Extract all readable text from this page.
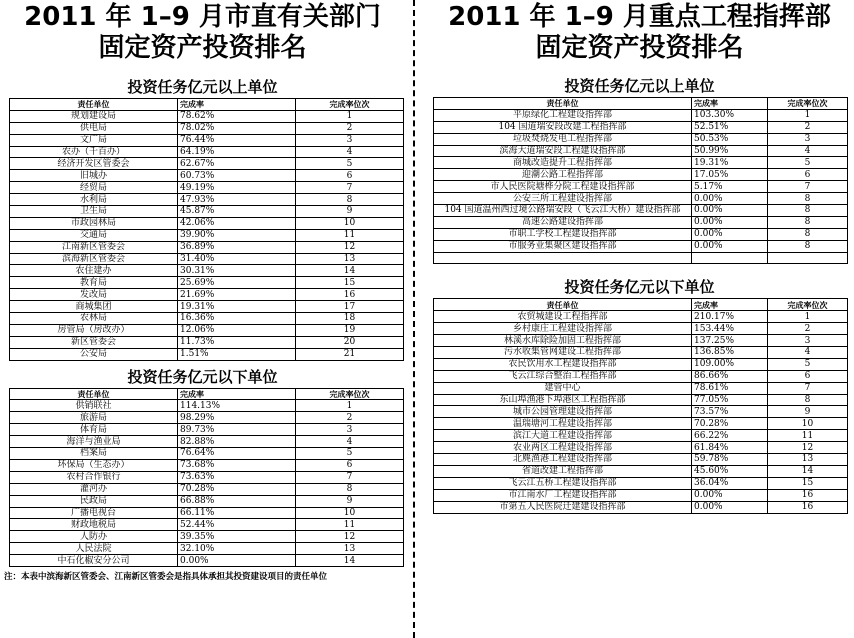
2011 年 1–9 月市直有关部门
固定资产投资排名
投资任务亿元以上单位
责任单位	完成率	完成率位次
规划建设局	78.62%	1
供电局	78.02%	2
文广局	76.44%	3
农办（千百办）	64.19%	4
经济开发区管委会	62.67%	5
旧城办	60.73%	6
经贸局	49.19%	7
水利局	47.93%	8
卫生局	45.87%	9
市政园林局	42.06%	10
交通局	39.90%	11
江南新区管委会	36.89%	12
滨海新区管委会	31.40%	13
农住建办	30.31%	14
教育局	25.69%	15
发改局	21.69%	16
商城集团	19.31%	17
农林局	16.36%	18
房管局（房改办）	12.06%	19
新区管委会	11.73%	20
公安局	1.51%	21
投资任务亿元以下单位
责任单位	完成率	完成率位次
供销联社	114.13%	1
旅游局	98.29%	2
体育局	89.73%	3
海洋与渔业局	82.88%	4
档案局	76.64%	5
环保局（生态办）	73.68%	6
农村合作银行	73.63%	7
灌河办	70.28%	8
民政局	66.88%	9
广播电视台	66.11%	10
财政地税局	52.44%	11
人防办	39.35%	12
人民法院	32.10%	13
中石化椒安分公司	0.00%	14
注：本表中滨海新区管委会、江南新区管委会是指具体承担其投资建设项目的责任单位
2011 年 1–9 月重点工程指挥部
固定资产投资排名
投资任务亿元以上单位
责任单位	完成率	完成率位次
平原绿化工程建设指挥部	103.30%	1
104 国道瑞安段改建工程指挥部	52.51%	2
垃圾焚烧发电工程指挥部	50.53%	3
滨海大道瑞安段工程建设指挥部	50.99%	4
商城改造提升工程指挥部	19.31%	5
迎潮公路工程指挥部	17.05%	6
市人民医院塘桦分院工程建设指挥部	5.17%	7
公安三所工程建设指挥部	0.00%	8
104 国道温州西过境公路瑞安段（飞云江大桥）建设指挥部	0.00%	8
高速公路建设指挥部	0.00%	8
市职工学校工程建设指挥部	0.00%	8
市服务业集聚区建设指挥部	0.00%	8

投资任务亿元以下单位
责任单位	完成率	完成率位次
农贸城建设工程指挥部	210.17%	1
乡村康庄工程建设指挥部	153.44%	2
林溪水库除险加固工程指挥部	137.25%	3
污水收集管网建设工程指挥部	136.85%	4
农民饮用水工程建设指挥部	109.00%	5
飞云江综合整治工程指挥部	86.66%	6
建管中心	78.61%	7
东山埠渔港下埠港区工程指挥部	77.05%	8
城市公园管理建设指挥部	73.57%	9
温瑞塘河工程建设指挥部	70.28%	10
滨江大道工程建设指挥部	66.22%	11
农业两区工程建设指挥部	61.84%	12
北麂渔港工程建设指挥部	59.78%	13
省道改建工程指挥部	45.60%	14
飞云江五桥工程建设指挥部	36.04%	15
市江南水厂工程建设指挥部	0.00%	16
市第五人民医院迁建建设指挥部	0.00%	16
